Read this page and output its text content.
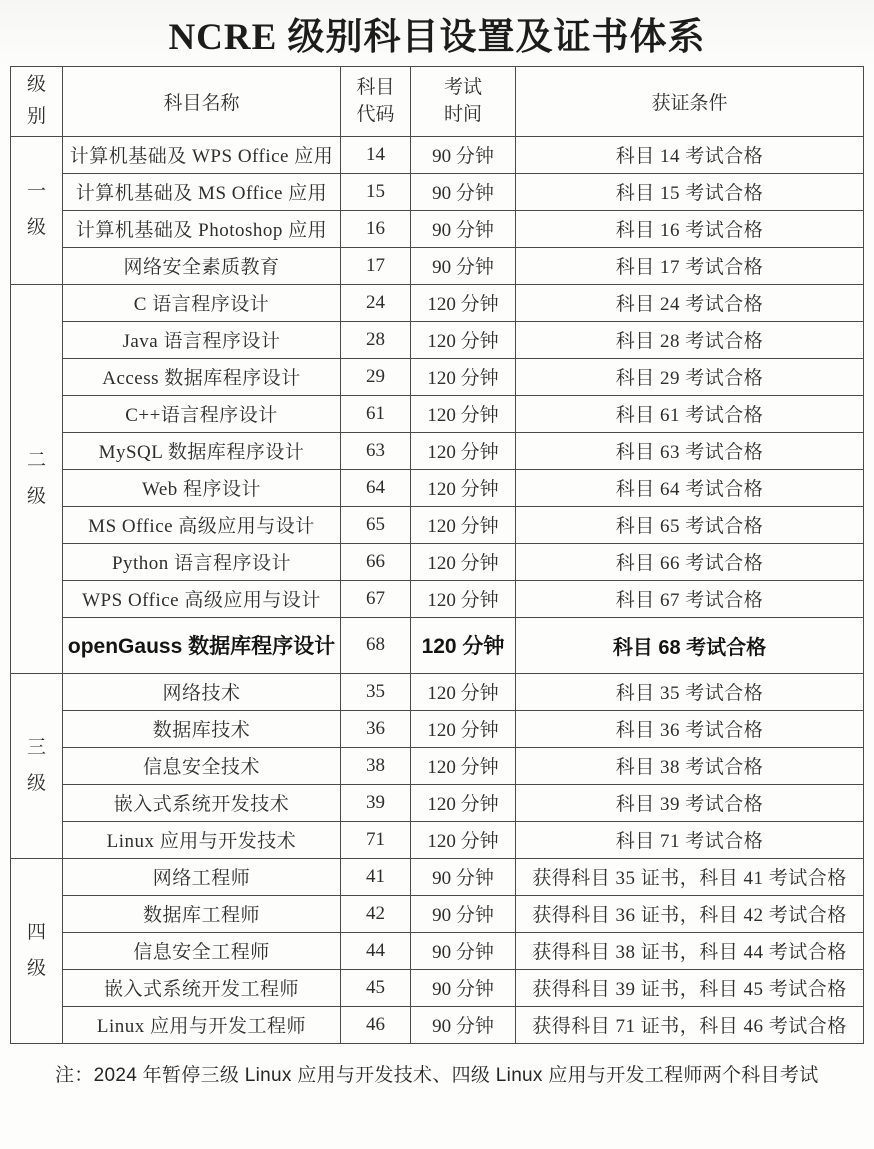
NCRE 级别科目设置及证书体系
级别	科目名称	科目代码	考试时间	获证条件
一级	计算机基础及 WPS Office 应用	14	90 分钟	科目 14 考试合格
	计算机基础及 MS Office 应用	15	90 分钟	科目 15 考试合格
	计算机基础及 Photoshop 应用	16	90 分钟	科目 16 考试合格
	网络安全素质教育	17	90 分钟	科目 17 考试合格
二级	C 语言程序设计	24	120 分钟	科目 24 考试合格
	Java 语言程序设计	28	120 分钟	科目 28 考试合格
	Access 数据库程序设计	29	120 分钟	科目 29 考试合格
	C++语言程序设计	61	120 分钟	科目 61 考试合格
	MySQL 数据库程序设计	63	120 分钟	科目 63 考试合格
	Web 程序设计	64	120 分钟	科目 64 考试合格
	MS Office 高级应用与设计	65	120 分钟	科目 65 考试合格
	Python 语言程序设计	66	120 分钟	科目 66 考试合格
	WPS Office 高级应用与设计	67	120 分钟	科目 67 考试合格
	openGauss 数据库程序设计	68	120 分钟	科目 68 考试合格
三级	网络技术	35	120 分钟	科目 35 考试合格
	数据库技术	36	120 分钟	科目 36 考试合格
	信息安全技术	38	120 分钟	科目 38 考试合格
	嵌入式系统开发技术	39	120 分钟	科目 39 考试合格
	Linux 应用与开发技术	71	120 分钟	科目 71 考试合格
四级	网络工程师	41	90 分钟	获得科目 35 证书，科目 41 考试合格
	数据库工程师	42	90 分钟	获得科目 36 证书，科目 42 考试合格
	信息安全工程师	44	90 分钟	获得科目 38 证书，科目 44 考试合格
	嵌入式系统开发工程师	45	90 分钟	获得科目 39 证书，科目 45 考试合格
	Linux 应用与开发工程师	46	90 分钟	获得科目 71 证书，科目 46 考试合格
注：2024 年暂停三级 Linux 应用与开发技术、四级 Linux 应用与开发工程师两个科目考试
